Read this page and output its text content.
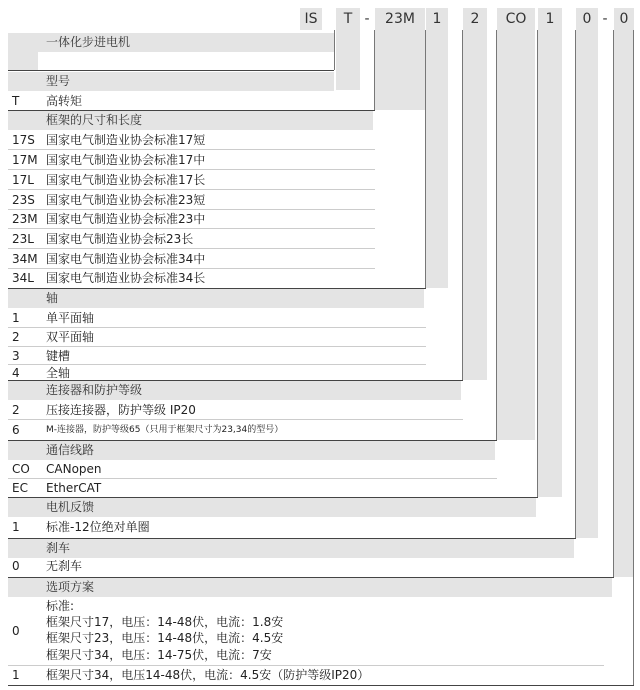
IS	T -	23M	1	2	CO	1	0 - 0
一体化步进电机
型号
T 高转矩
框架的尺寸和长度
17S 国家电气制造业协会标准17短
17M 国家电气制造业协会标准17中
17L 国家电气制造业协会标准17长
23S 国家电气制造业协会标准23短
23M 国家电气制造业协会标准23中
23L 国家电气制造业协会标23长
34M 国家电气制造业协会标准34中
34L 国家电气制造业协会标准34长
轴
1 单平面轴
2 双平面轴
3 键槽
4 全轴
连接器和防护等级
2 压接连接器，防护等级 IP20
6	M-连接器，防护等级65（只用于框架尺寸为23,34的型号）
通信线路
CO CANopen
EC EtherCAT
电机反馈
1 标准-12位绝对单圈
刹车
0 无刹车
选项方案
0
标准:
框架尺寸17，电压：14-48伏，电流：1.8安
框架尺寸23，电压：14-48伏，电流：4.5安
框架尺寸34，电压：14-75伏，电流：7安
1 框架尺寸34，电压14-48伏，电流：4.5安（防护等级IP20）
